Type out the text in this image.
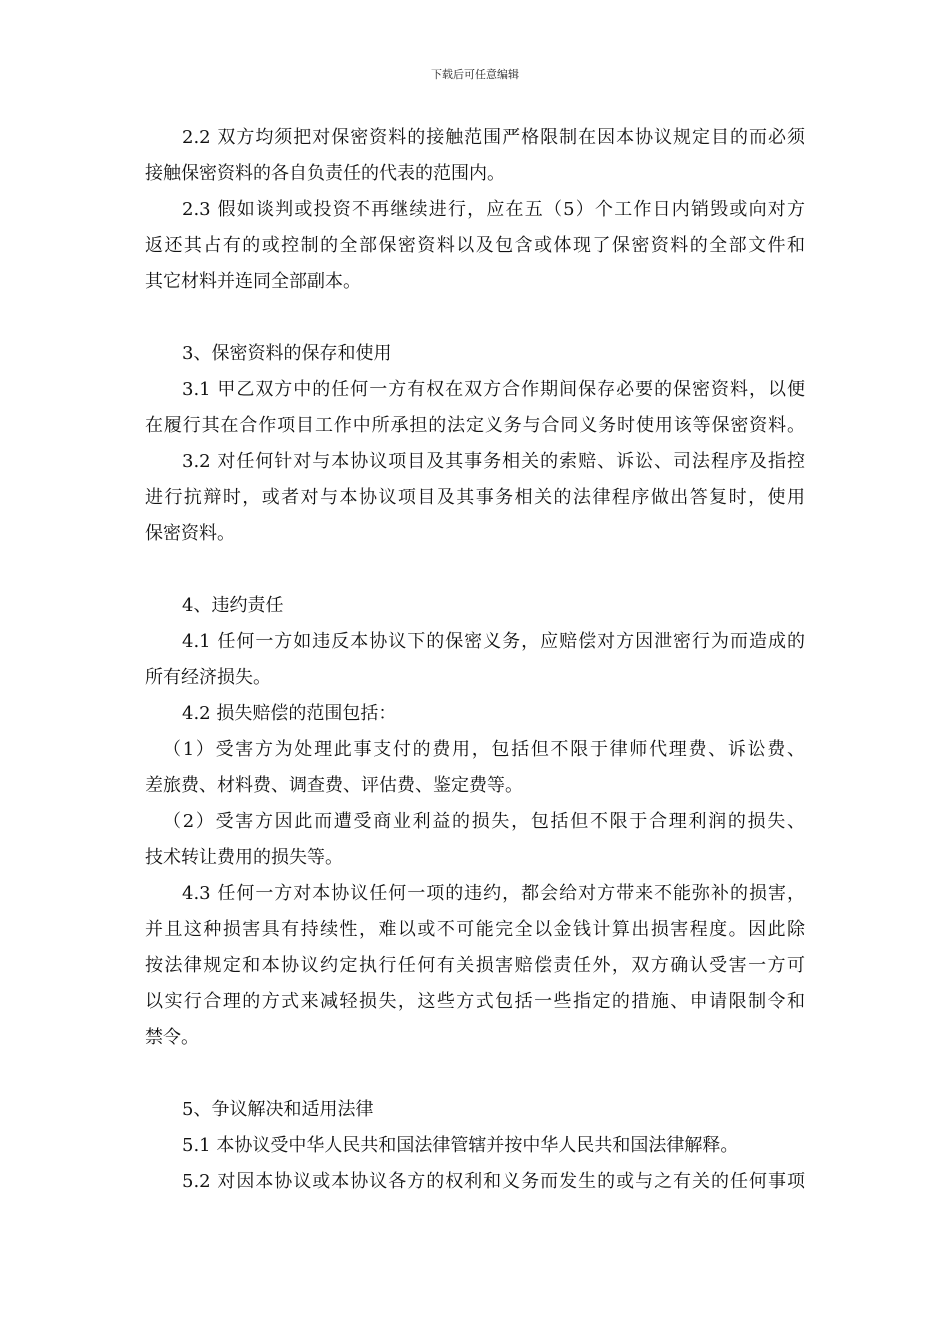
下载后可任意编辑
2.2 双方均须把对保密资料的接触范围严格限制在因本协议规定目的而必须
接触保密资料的各自负责任的代表的范围内。
2.3 假如谈判或投资不再继续进行，应在五（5）个工作日内销毁或向对方
返还其占有的或控制的全部保密资料以及包含或体现了保密资料的全部文件和
其它材料并连同全部副本。
3、保密资料的保存和使用
3.1 甲乙双方中的任何一方有权在双方合作期间保存必要的保密资料，以便
在履行其在合作项目工作中所承担的法定义务与合同义务时使用该等保密资料。
3.2 对任何针对与本协议项目及其事务相关的索赔、诉讼、司法程序及指控
进行抗辩时，或者对与本协议项目及其事务相关的法律程序做出答复时，使用
保密资料。
4、违约责任
4.1 任何一方如违反本协议下的保密义务，应赔偿对方因泄密行为而造成的
所有经济损失。
4.2 损失赔偿的范围包括：
（1）受害方为处理此事支付的费用，包括但不限于律师代理费、诉讼费、
差旅费、材料费、调查费、评估费、鉴定费等。
（2）受害方因此而遭受商业利益的损失，包括但不限于合理利润的损失、
技术转让费用的损失等。
4.3 任何一方对本协议任何一项的违约，都会给对方带来不能弥补的损害，
并且这种损害具有持续性，难以或不可能完全以金钱计算出损害程度。因此除
按法律规定和本协议约定执行任何有关损害赔偿责任外，双方确认受害一方可
以实行合理的方式来减轻损失，这些方式包括一些指定的措施、申请限制令和
禁令。
5、争议解决和适用法律
5.1 本协议受中华人民共和国法律管辖并按中华人民共和国法律解释。
5.2 对因本协议或本协议各方的权利和义务而发生的或与之有关的任何事项
